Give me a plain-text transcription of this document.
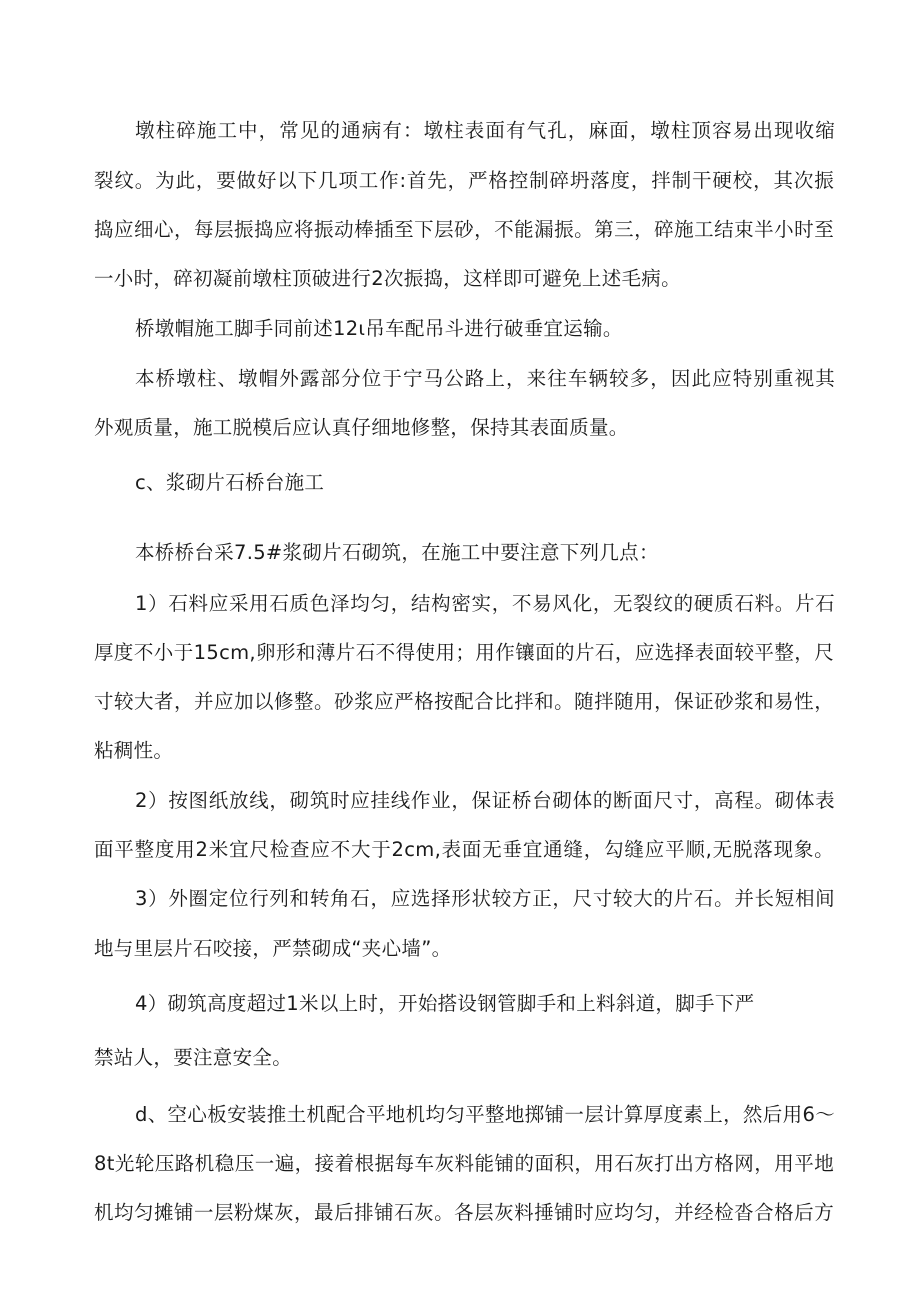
墩柱碎施工中，常见的通病有：墩柱表面有气孔，麻面，墩柱顶容易出现收缩
裂纹。为此，要做好以下几项工作:首先，严格控制碎坍落度，拌制干硬校，其次振
捣应细心，每层振捣应将振动棒插至下层砂，不能漏振。第三，碎施工结束半小时至
一小时，碎初凝前墩柱顶破进行2次振捣，这样即可避免上述毛病。
桥墩帽施工脚手同前述12ι吊车配吊斗进行破垂宜运输。
本桥墩柱、墩帽外露部分位于宁马公路上，来往车辆较多，因此应特别重视其
外观质量，施工脱模后应认真仔细地修整，保持其表面质量。
c、浆砌片石桥台施工
本桥桥台采7.5#浆砌片石砌筑，在施工中要注意下列几点：
1）石料应采用石质色泽均匀，结构密实，不易风化，无裂纹的硬质石料。片石
厚度不小于15cm,卵形和薄片石不得使用；用作镶面的片石，应选择表面较平整，尺
寸较大者，并应加以修整。砂浆应严格按配合比拌和。随拌随用，保证砂浆和易性，
粘稠性。
2）按图纸放线，砌筑时应挂线作业，保证桥台砌体的断面尺寸，高程。砌体表
面平整度用2米宜尺检查应不大于2cm,表面无垂宜通缝，勾缝应平顺,无脱落现象。
3）外圈定位行列和转角石，应选择形状较方正，尺寸较大的片石。并长短相间
地与里层片石咬接，严禁砌成“夹心墙”。
4）砌筑高度超过1米以上时，开始搭设钢管脚手和上料斜道，脚手下严
禁站人，要注意安全。
d、空心板安装推土机配合平地机均匀平整地掷铺一层计算厚度素上，然后用6～
8t光轮压路机稳压一遍，接着根据每车灰料能铺的面积，用石灰打出方格网，用平地
机均匀摊铺一层粉煤灰，最后排铺石灰。各层灰料捶铺时应均匀，并经检沓合格后方
